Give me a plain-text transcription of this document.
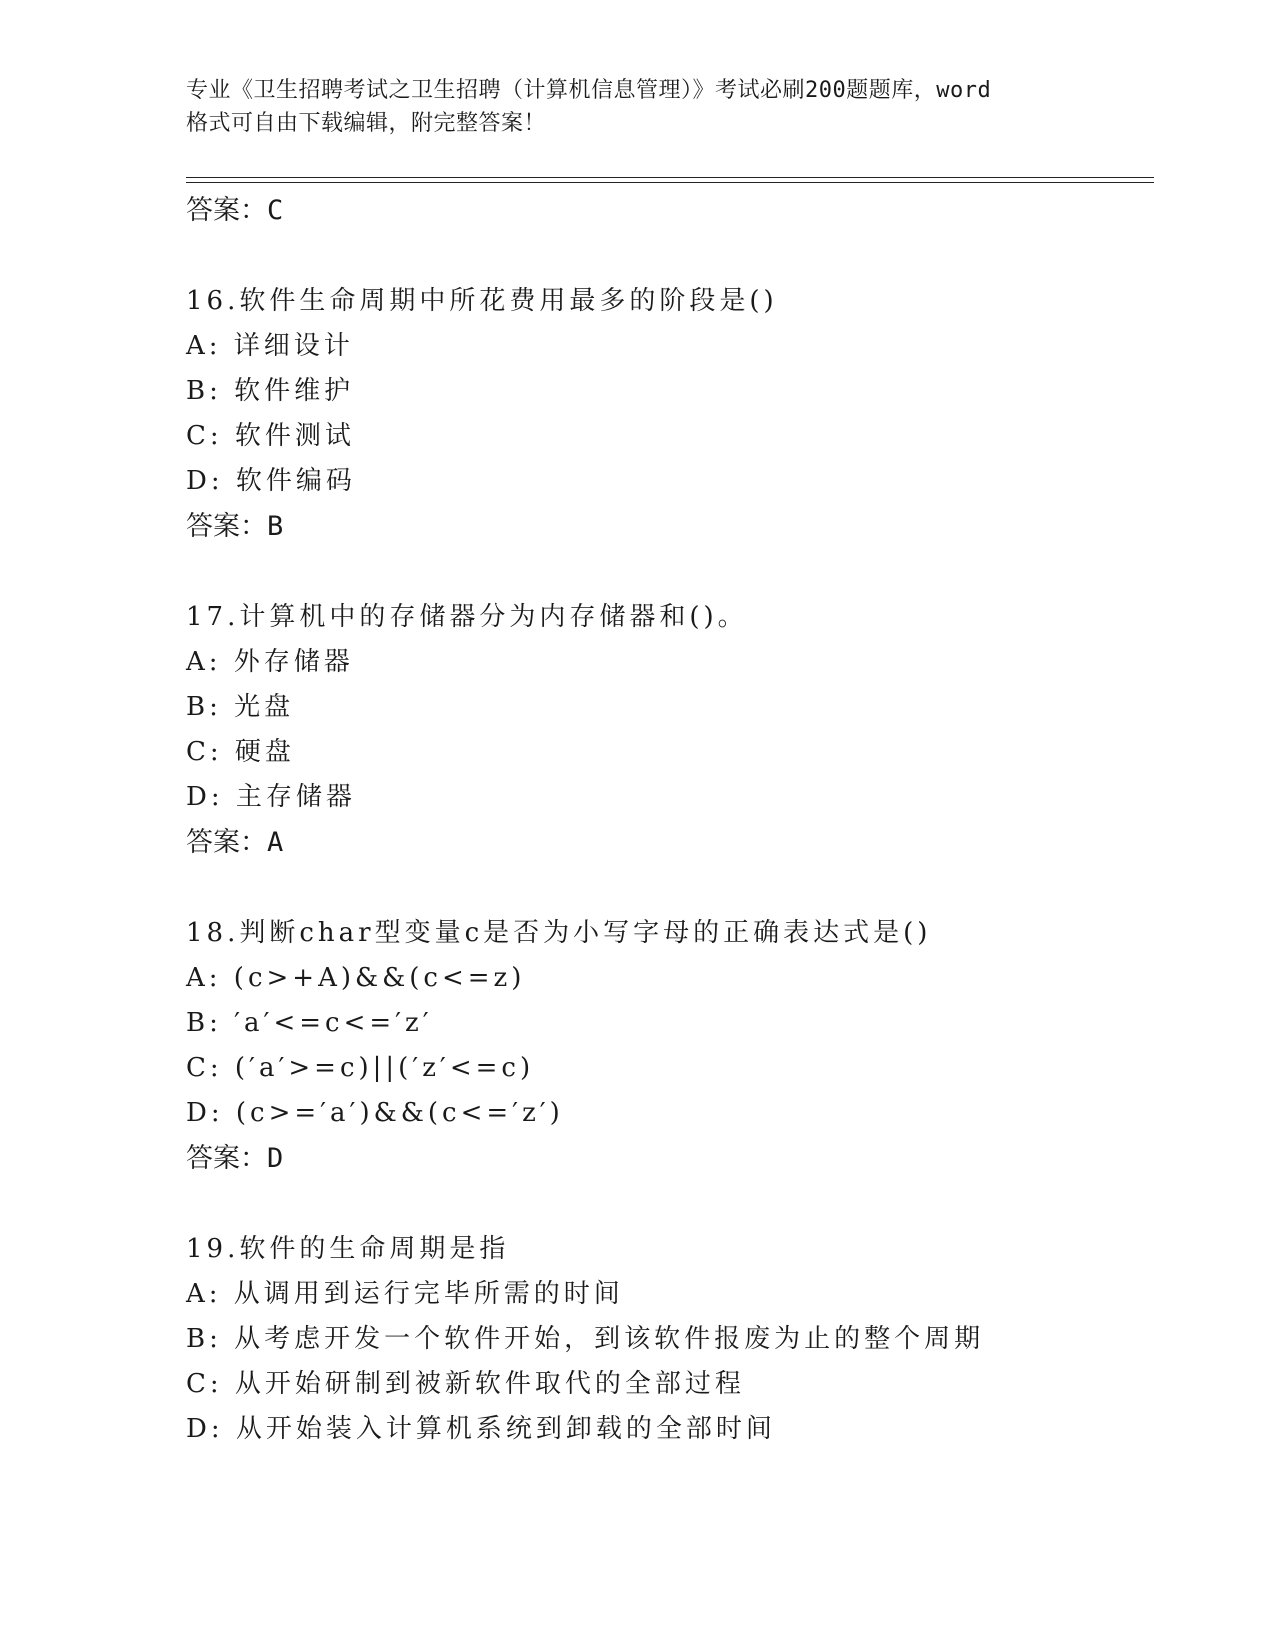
专业《卫生招聘考试之卫生招聘（计算机信息管理）》考试必刷200题题库，word
格式可自由下载编辑，附完整答案！
答案：C
16.软件生命周期中所花费用最多的阶段是()
A: 详细设计
B: 软件维护
C: 软件测试
D: 软件编码
答案：B
17.计算机中的存储器分为内存储器和()。
A: 外存储器
B: 光盘
C: 硬盘
D: 主存储器
答案：A
18.判断char型变量c是否为小写字母的正确表达式是()
A: (c>+A)&&(c<=z)
B: ′a′<=c<=′z′
C: (′a′>=c)||(′z′<=c)
D: (c>=′a′)&&(c<=′z′)
答案：D
19.软件的生命周期是指
A: 从调用到运行完毕所需的时间
B: 从考虑开发一个软件开始，到该软件报废为止的整个周期
C: 从开始研制到被新软件取代的全部过程
D: 从开始装入计算机系统到卸载的全部时间
